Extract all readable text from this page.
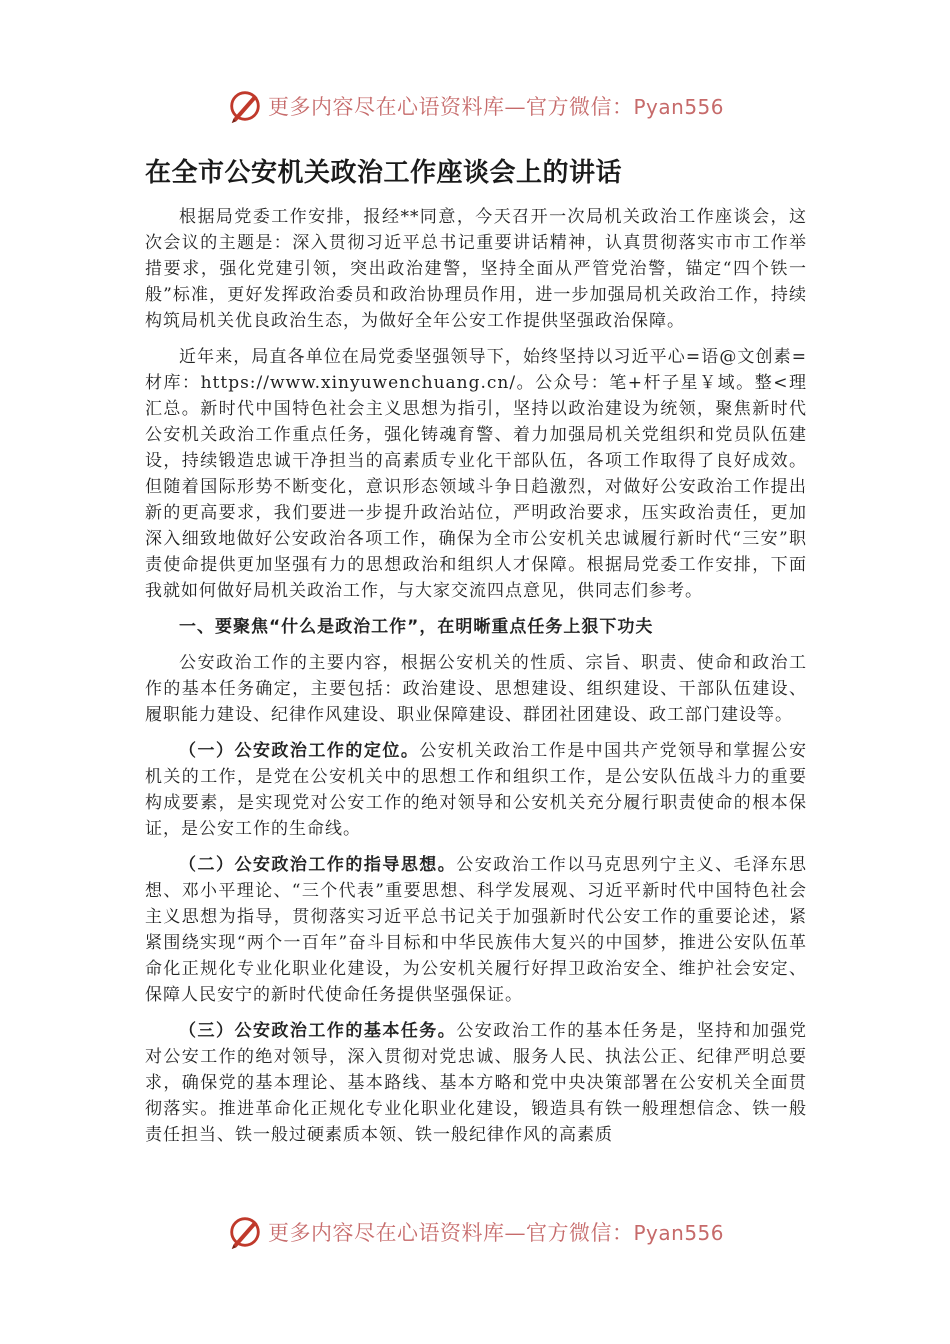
更多内容尽在心语资料库—官方微信：Pyan556
在全市公安机关政治工作座谈会上的讲话

根据局党委工作安排，报经**同意，今天召开一次局机关政治工作座谈会，这次会议的主题是：深入贯彻习近平总书记重要讲话精神，认真贯彻落实市市工作举措要求，强化党建引领，突出政治建警，坚持全面从严管党治警，锚定“四个铁一般”标准，更好发挥政治委员和政治协理员作用，进一步加强局机关政治工作，持续构筑局机关优良政治生态，为做好全年公安工作提供坚强政治保障。

近年来，局直各单位在局党委坚强领导下，始终坚持以习近平心=语@文创素=材库：https://www.xinyuwenchuang.cn/。公众号：笔+杆子星￥域。整<理汇总。新时代中国特色社会主义思想为指引，坚持以政治建设为统领，聚焦新时代公安机关政治工作重点任务，强化铸魂育警、着力加强局机关党组织和党员队伍建设，持续锻造忠诚干净担当的高素质专业化干部队伍，各项工作取得了良好成效。但随着国际形势不断变化，意识形态领域斗争日趋激烈，对做好公安政治工作提出新的更高要求，我们要进一步提升政治站位，严明政治要求，压实政治责任，更加深入细致地做好公安政治各项工作，确保为全市公安机关忠诚履行新时代“三安”职责使命提供更加坚强有力的思想政治和组织人才保障。根据局党委工作安排，下面我就如何做好局机关政治工作，与大家交流四点意见，供同志们参考。

一、要聚焦“什么是政治工作”，在明晰重点任务上狠下功夫

公安政治工作的主要内容，根据公安机关的性质、宗旨、职责、使命和政治工作的基本任务确定，主要包括：政治建设、思想建设、组织建设、干部队伍建设、履职能力建设、纪律作风建设、职业保障建设、群团社团建设、政工部门建设等。

（一）公安政治工作的定位。公安机关政治工作是中国共产党领导和掌握公安机关的工作，是党在公安机关中的思想工作和组织工作，是公安队伍战斗力的重要构成要素，是实现党对公安工作的绝对领导和公安机关充分履行职责使命的根本保证，是公安工作的生命线。

（二）公安政治工作的指导思想。公安政治工作以马克思列宁主义、毛泽东思想、邓小平理论、“三个代表”重要思想、科学发展观、习近平新时代中国特色社会主义思想为指导，贯彻落实习近平总书记关于加强新时代公安工作的重要论述，紧紧围绕实现“两个一百年”奋斗目标和中华民族伟大复兴的中国梦，推进公安队伍革命化正规化专业化职业化建设，为公安机关履行好捍卫政治安全、维护社会安定、保障人民安宁的新时代使命任务提供坚强保证。

（三）公安政治工作的基本任务。公安政治工作的基本任务是，坚持和加强党对公安工作的绝对领导，深入贯彻对党忠诚、服务人民、执法公正、纪律严明总要求，确保党的基本理论、基本路线、基本方略和党中央决策部署在公安机关全面贯彻落实。推进革命化正规化专业化职业化建设，锻造具有铁一般理想信念、铁一般责任担当、铁一般过硬素质本领、铁一般纪律作风的高素质

更多内容尽在心语资料库—官方微信：Pyan556
